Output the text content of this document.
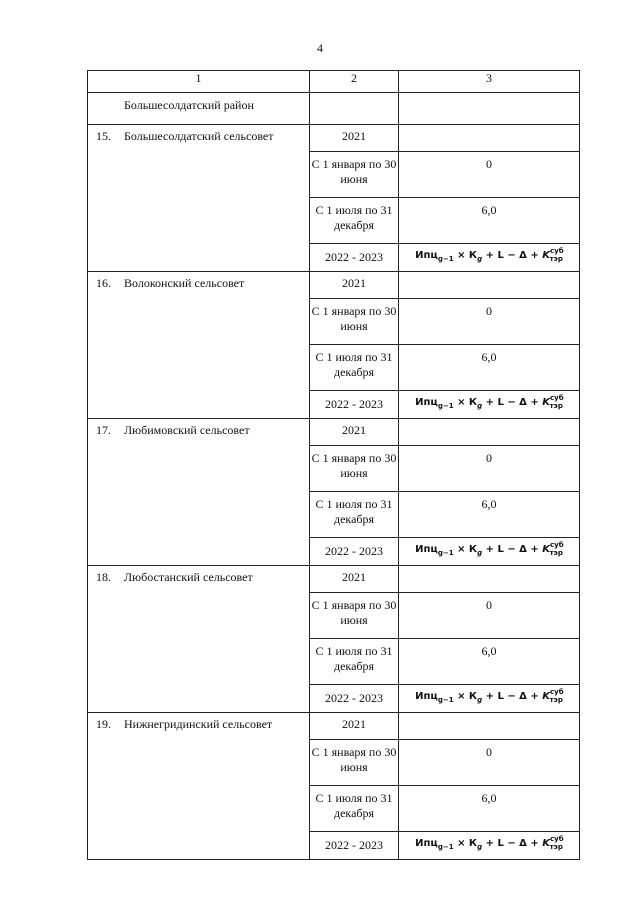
4
1	2	3
Большесолдатский район		
15. Большесолдатский сельсовет	2021	
	С 1 января по 30 июня	0
	С 1 июля по 31 декабря	6,0
	2022 - 2023	$Ипц_{g-1} \times К_g + L - \Delta + K^{суб}_{тэр}$
16. Волоконский сельсовет	2021	
	С 1 января по 30 июня	0
	С 1 июля по 31 декабря	6,0
	2022 - 2023	$Ипц_{g-1} \times К_g + L - \Delta + K^{суб}_{тэр}$
17. Любимовский сельсовет	2021	
	С 1 января по 30 июня	0
	С 1 июля по 31 декабря	6,0
	2022 - 2023	$Ипц_{g-1} \times К_g + L - \Delta + K^{суб}_{тэр}$
18. Любостанский сельсовет	2021	
	С 1 января по 30 июня	0
	С 1 июля по 31 декабря	6,0
	2022 - 2023	$Ипц_{g-1} \times К_g + L - \Delta + K^{суб}_{тэр}$
19. Нижнегридинский сельсовет	2021	
	С 1 января по 30 июня	0
	С 1 июля по 31 декабря	6,0
	2022 - 2023	$Ипц_{g-1} \times К_g + L - \Delta + K^{суб}_{тэр}$
